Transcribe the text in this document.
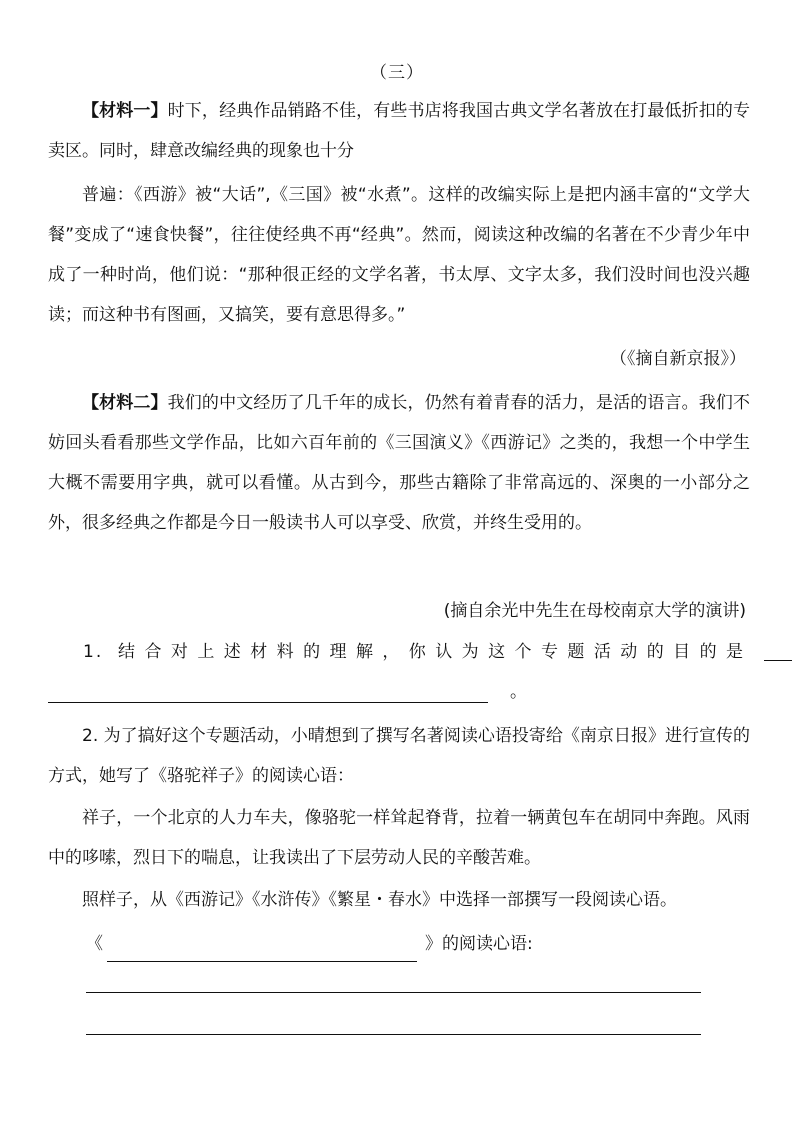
（三）

【材料一】时下，经典作品销路不佳，有些书店将我国古典文学名著放在打最低折扣的专卖区。同时，肆意改编经典的现象也十分

普遍：《西游》被“大话”,《三国》被“水煮”。这样的改编实际上是把内涵丰富的“文学大餐”变成了“速食快餐”，往往使经典不再“经典”。然而，阅读这种改编的名著在不少青少年中成了一种时尚，他们说：“那种很正经的文学名著，书太厚、文字太多，我们没时间也没兴趣读；而这种书有图画，又搞笑，要有意思得多。”

（《摘自新京报》）

【材料二】我们的中文经历了几千年的成长，仍然有着青春的活力，是活的语言。我们不妨回头看看那些文学作品，比如六百年前的《三国演义》《西游记》之类的，我想一个中学生大概不需要用字典，就可以看懂。从古到今，那些古籍除了非常高远的、深奥的一小部分之外，很多经典之作都是今日一般读书人可以享受、欣赏，并终生受用的。

(摘自余光中先生在母校南京大学的演讲)
1. 结合对上述材料的理解，你认为这个专题活动的目的是
。

2. 为了搞好这个专题活动，小晴想到了撰写名著阅读心语投寄给《南京日报》进行宣传的方式，她写了《骆驼祥子》的阅读心语：

祥子，一个北京的人力车夫，像骆驼一样耸起脊背，拉着一辆黄包车在胡同中奔跑。风雨中的哆嗦，烈日下的喘息，让我读出了下层劳动人民的辛酸苦难。

照样子，从《西游记》《水浒传》《繁星・春水》中选择一部撰写一段阅读心语。

《	》的阅读心语:
